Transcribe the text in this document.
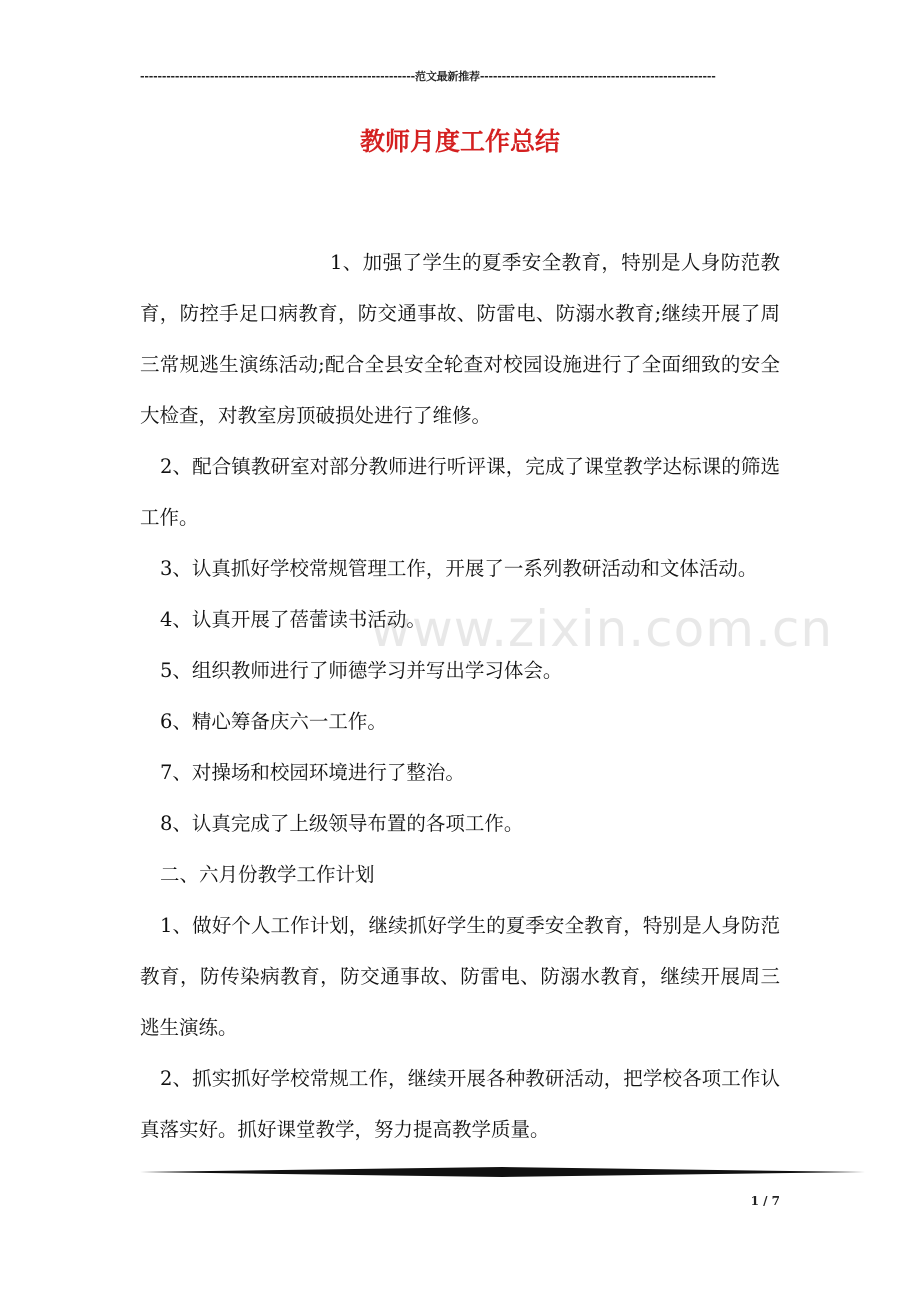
---------------------------------------------------------------范文最新推荐------------------------------------------------------
教师月度工作总结
www.zixin.com.cn

1、加强了学生的夏季安全教育，特别是人身防范教育，防控手足口病教育，防交通事故、防雷电、防溺水教育;继续开展了周三常规逃生演练活动;配合全县安全轮查对校园设施进行了全面细致的安全大检查，对教室房顶破损处进行了维修。

2、配合镇教研室对部分教师进行听评课，完成了课堂教学达标课的筛选工作。

3、认真抓好学校常规管理工作，开展了一系列教研活动和文体活动。

4、认真开展了蓓蕾读书活动。

5、组织教师进行了师德学习并写出学习体会。

6、精心筹备庆六一工作。

7、对操场和校园环境进行了整治。

8、认真完成了上级领导布置的各项工作。

二、六月份教学工作计划

1、做好个人工作计划，继续抓好学生的夏季安全教育，特别是人身防范教育，防传染病教育，防交通事故、防雷电、防溺水教育，继续开展周三逃生演练。

2、抓实抓好学校常规工作，继续开展各种教研活动，把学校各项工作认真落实好。抓好课堂教学，努力提高教学质量。

1 / 7
